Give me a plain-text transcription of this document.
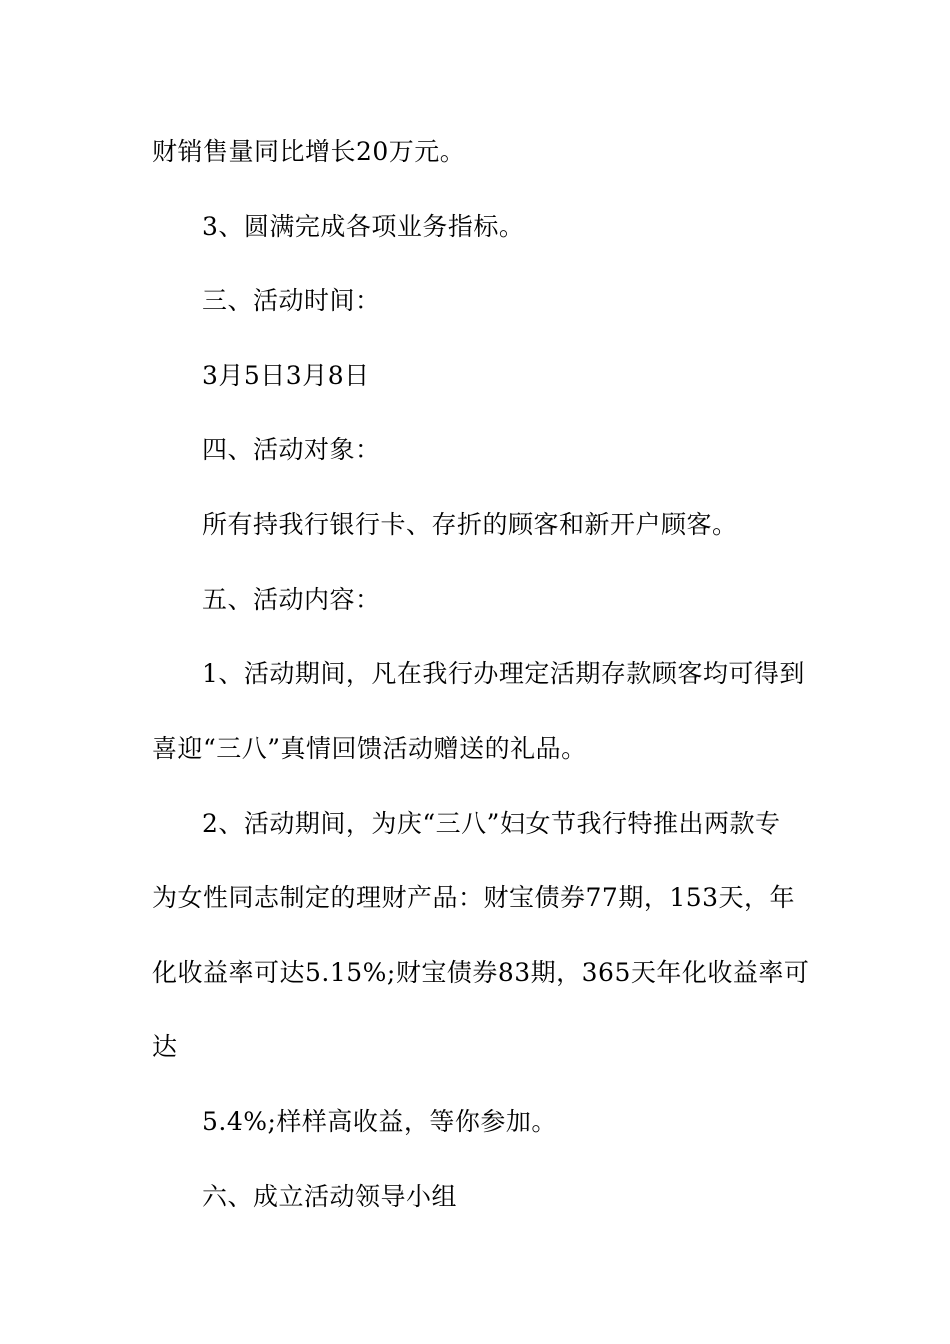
财销售量同比增长20万元。
3、圆满完成各项业务指标。
三、活动时间：
3月5日3月8日
四、活动对象：
所有持我行银行卡、存折的顾客和新开户顾客。
五、活动内容：
1、活动期间，凡在我行办理定活期存款顾客均可得到
喜迎“三八”真情回馈活动赠送的礼品。
2、活动期间，为庆“三八”妇女节我行特推出两款专
为女性同志制定的理财产品：财宝债券77期，153天，年
化收益率可达5.15%;财宝债券83期，365天年化收益率可
达
5.4%;样样高收益，等你参加。
六、成立活动领导小组
